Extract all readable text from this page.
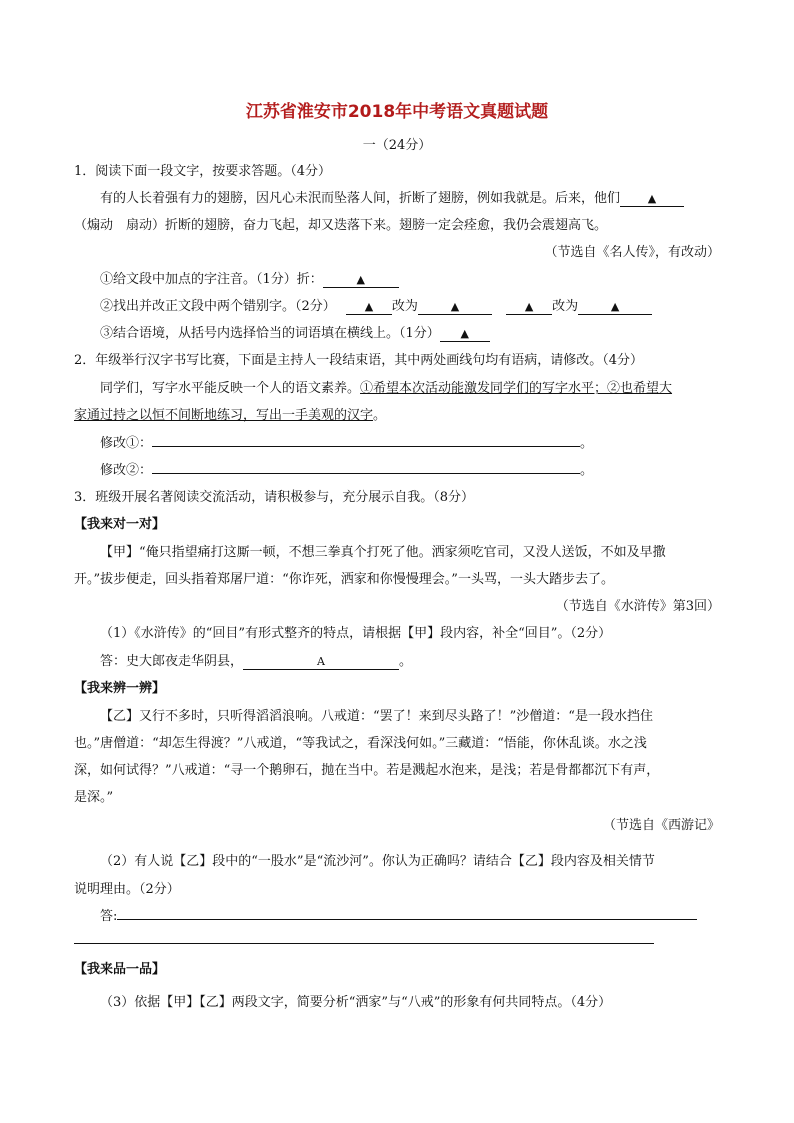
江苏省淮安市2018年中考语文真题试题
一（24分）
1．阅读下面一段文字，按要求答题。（4分）
有的人长着强有力的翅膀，因凡心未泯而坠落人间，折断了翅膀，例如我就是。后来，他们	▲
（煽动　扇动）折断的翅膀，奋力飞起，却又迭落下来。翅膀一定会痊愈，我仍会震翅高飞。
（节选自《名人传》，有改动）
①给文段中加点的字注音。（1分）折：	▲
②找出并改正文段中两个错别字。（2分）	▲ 改为	▲	▲ 改为	▲
③结合语境，从括号内选择恰当的词语填在横线上。（1分） ▲
2．年级举行汉字书写比赛，下面是主持人一段结束语，其中两处画线句均有语病，请修改。（4分）
同学们，写字水平能反映一个人的语文素养。①希望本次活动能激发同学们的写字水平；②也希望大
家通过持之以恒不间断地练习，写出一手美观的汉字。
修改①：	。
修改②：	。
3．班级开展名著阅读交流活动，请积极参与，充分展示自我。（8分）
【我来对一对】
【甲】“俺只指望痛打这厮一顿，不想三拳真个打死了他。洒家须吃官司，又没人送饭，不如及早撒
开。”拔步便走，回头指着郑屠尸道：“你诈死，洒家和你慢慢理会。”一头骂，一头大踏步去了。
（节选自《水浒传》第3回）
（1）《水浒传》的“回目”有形式整齐的特点，请根据【甲】段内容，补全“回目”。（2分）
答：史大郎夜走华阴县，	A	。
【我来辨一辨】
【乙】又行不多时，只听得滔滔浪响。八戒道：“罢了！来到尽头路了！”沙僧道：“是一段水挡住
也。”唐僧道：“却怎生得渡？”八戒道，“等我试之，看深浅何如。”三藏道：“悟能，你休乱谈。水之浅
深，如何试得？”八戒道：“寻一个鹅卵石，抛在当中。若是溅起水泡来，是浅；若是骨都都沉下有声，
是深。”
（节选自《西游记》
（2）有人说【乙】段中的“一股水”是“流沙河”。你认为正确吗？请结合【乙】段内容及相关情节
说明理由。（2分）
答:
【我来品一品】
（3）依据【甲】【乙】两段文字，简要分析“洒家”与“八戒”的形象有何共同特点。（4分）
